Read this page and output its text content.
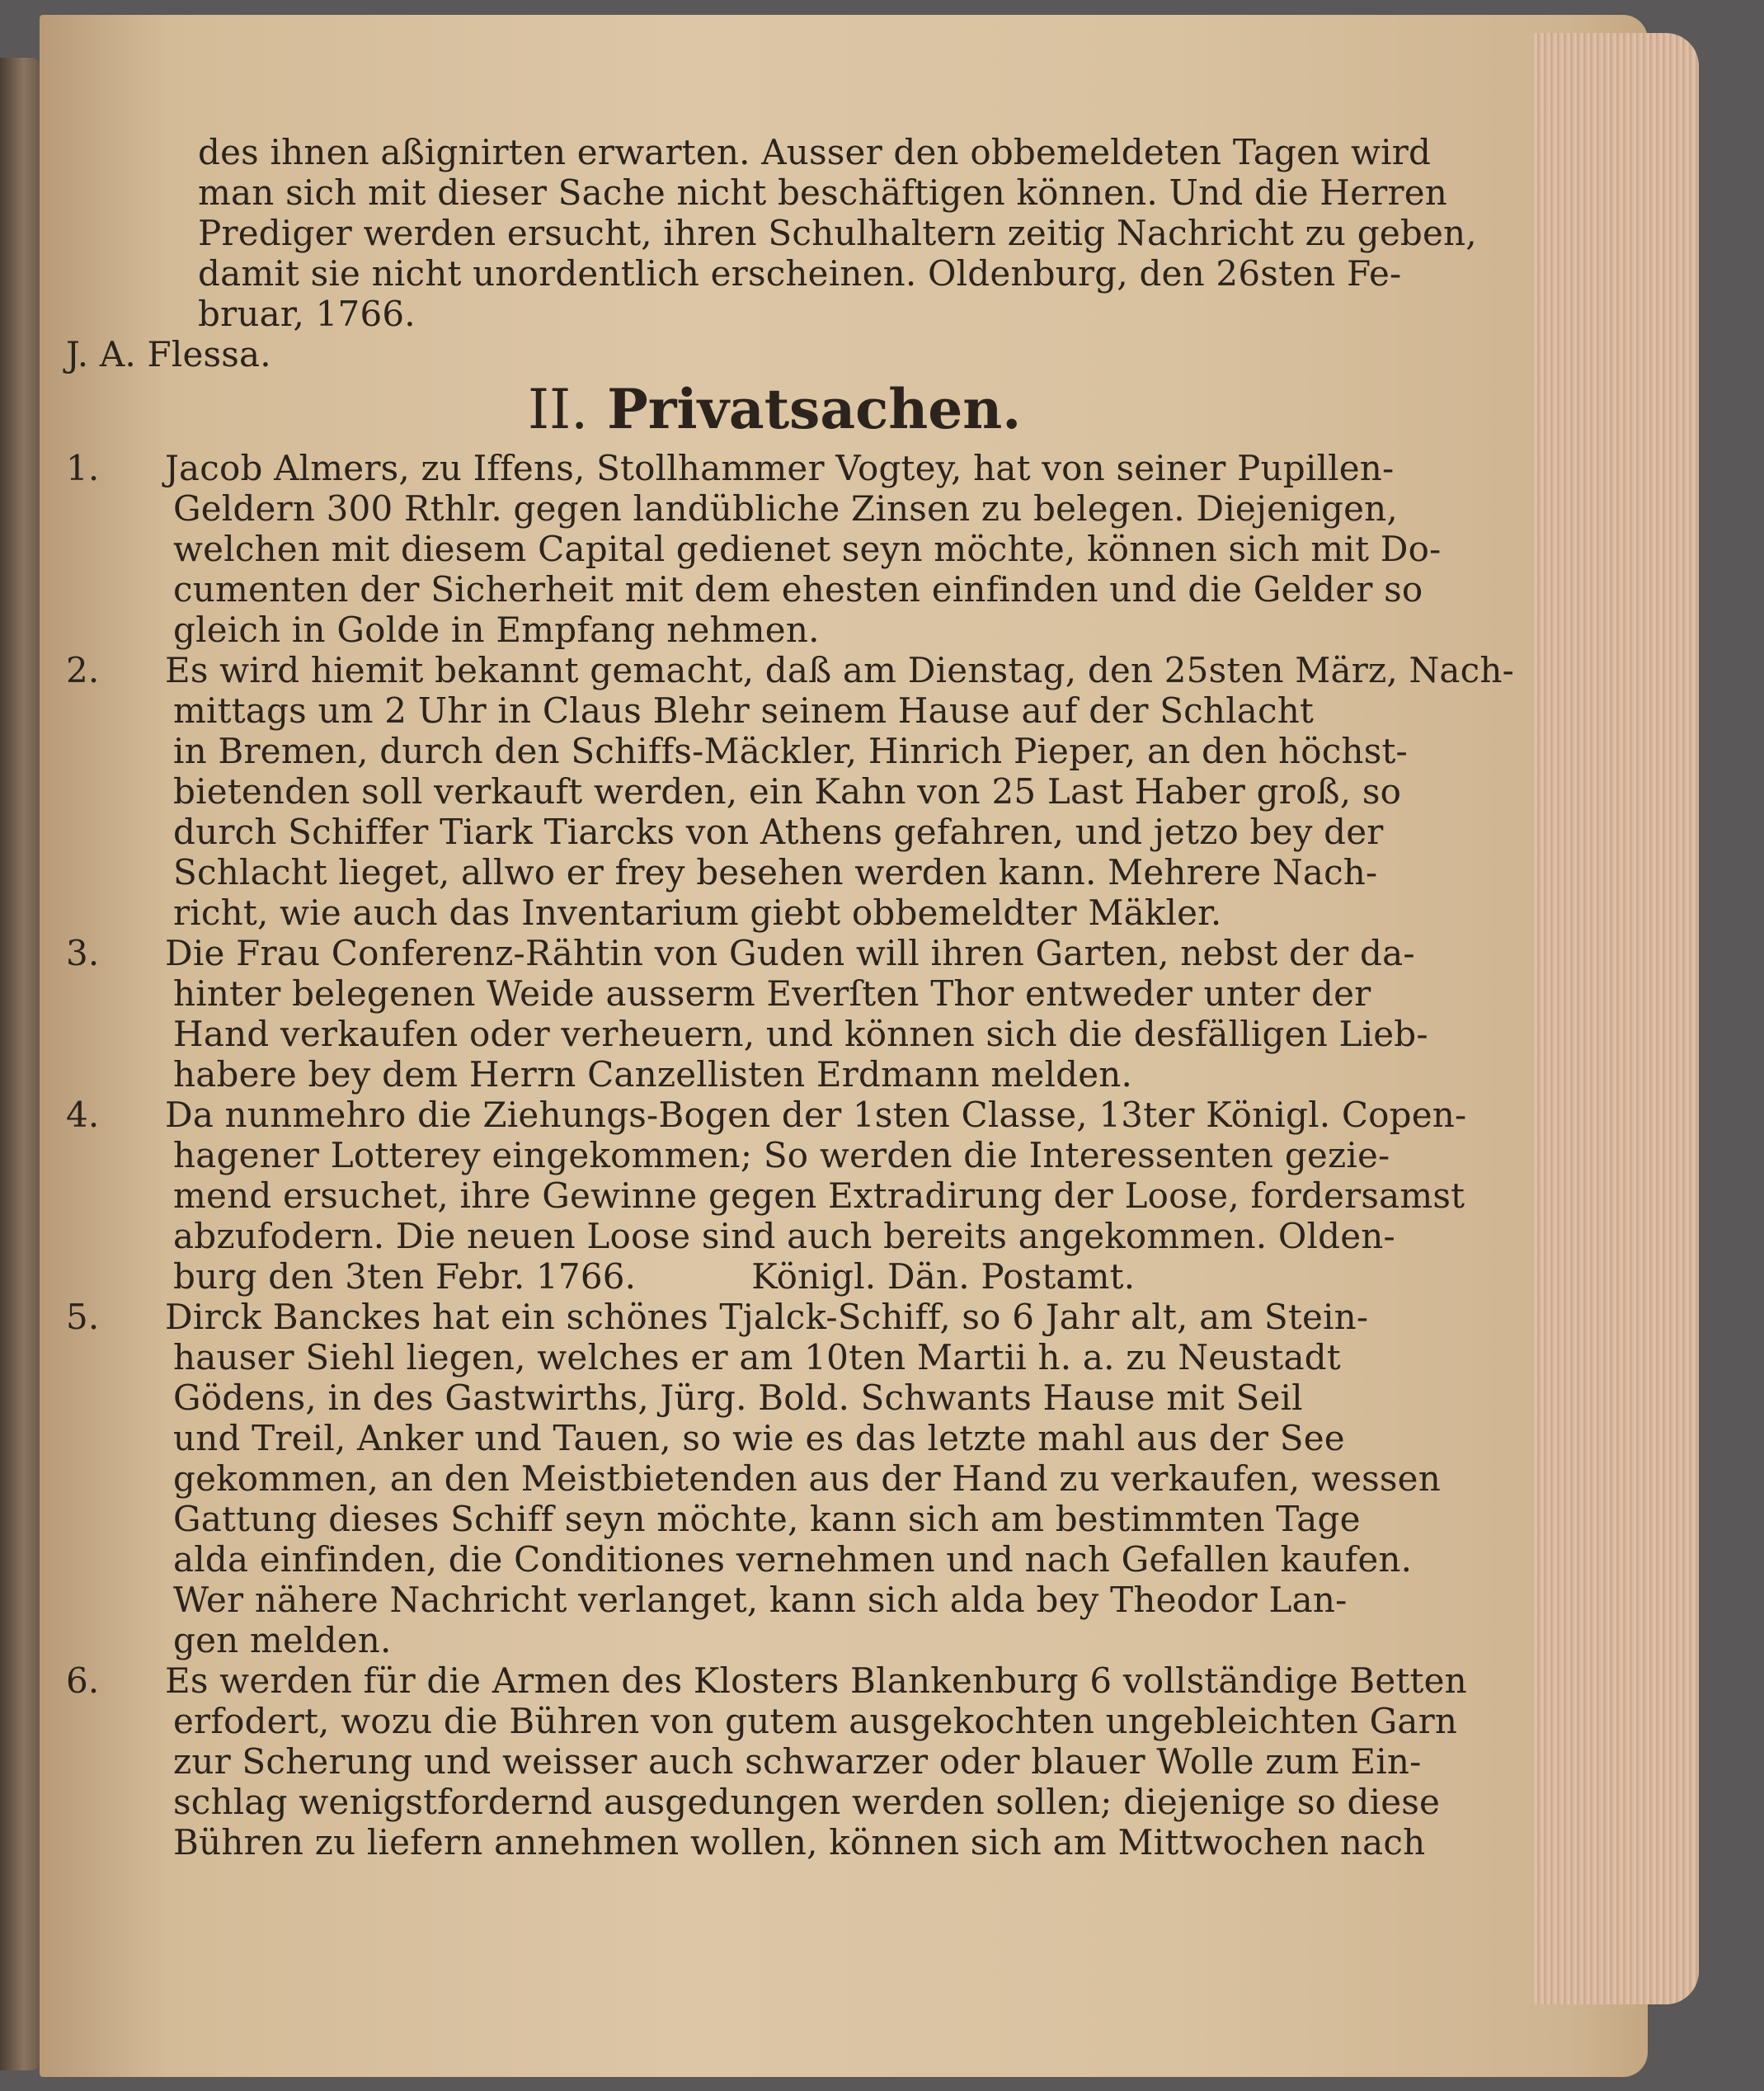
des ihnen aßignirten erwarten. Ausser den obbemeldeten Tagen wird

man sich mit dieser Sache nicht beschäftigen können. Und die Herren

Prediger werden ersucht, ihren Schulhaltern zeitig Nachricht zu geben,

damit sie nicht unordentlich erscheinen. Oldenburg, den 26sten Fe-

bruar, 1766.

J. A. Flessa.

II. Privatsachen.

1. Jacob Almers, zu Iffens, Stollhammer Vogtey, hat von seiner Pupillen-

Geldern 300 Rthlr. gegen landübliche Zinsen zu belegen. Diejenigen,

welchen mit diesem Capital gedienet seyn möchte, können sich mit Do-

cumenten der Sicherheit mit dem ehesten einfinden und die Gelder so

gleich in Golde in Empfang nehmen.

2. Es wird hiemit bekannt gemacht, daß am Dienstag, den 25sten März, Nach-

mittags um 2 Uhr in Claus Blehr seinem Hause auf der Schlacht

in Bremen, durch den Schiffs-Mäckler, Hinrich Pieper, an den höchst-

bietenden soll verkauft werden, ein Kahn von 25 Last Haber groß, so

durch Schiffer Tiark Tiarcks von Athens gefahren, und jetzo bey der

Schlacht lieget, allwo er frey besehen werden kann. Mehrere Nach-

richt, wie auch das Inventarium giebt obbemeldter Mäkler.

3. Die Frau Conferenz-Rähtin von Guden will ihren Garten, nebst der da-

hinter belegenen Weide ausserm Everſten Thor entweder unter der

Hand verkaufen oder verheuern, und können sich die desfälligen Lieb-

habere bey dem Herrn Canzellisten Erdmann melden.

4. Da nunmehro die Ziehungs-Bogen der 1sten Classe, 13ter Königl. Copen-

hagener Lotterey eingekommen; So werden die Interessenten gezie-

mend ersuchet, ihre Gewinne gegen Extradirung der Loose, fordersamst

abzufodern. Die neuen Loose sind auch bereits angekommen. Olden-

burg den 3ten Febr. 1766.	Königl. Dän. Postamt.

5. Dirck Banckes hat ein schönes Tjalck-Schiff, so 6 Jahr alt, am Stein-

hauser Siehl liegen, welches er am 10ten Martii h. a. zu Neustadt

Gödens, in des Gastwirths, Jürg. Bold. Schwants Hause mit Seil

und Treil, Anker und Tauen, so wie es das letzte mahl aus der See

gekommen, an den Meistbietenden aus der Hand zu verkaufen, wessen

Gattung dieses Schiff seyn möchte, kann sich am bestimmten Tage

alda einfinden, die Conditiones vernehmen und nach Gefallen kaufen.

Wer nähere Nachricht verlanget, kann sich alda bey Theodor Lan-

gen melden.

6. Es werden für die Armen des Klosters Blankenburg 6 vollständige Betten

erfodert, wozu die Bühren von gutem ausgekochten ungebleichten Garn

zur Scherung und weisser auch schwarzer oder blauer Wolle zum Ein-

schlag wenigstfordernd ausgedungen werden sollen; diejenige so diese

Bühren zu liefern annehmen wollen, können sich am Mittwochen nach
